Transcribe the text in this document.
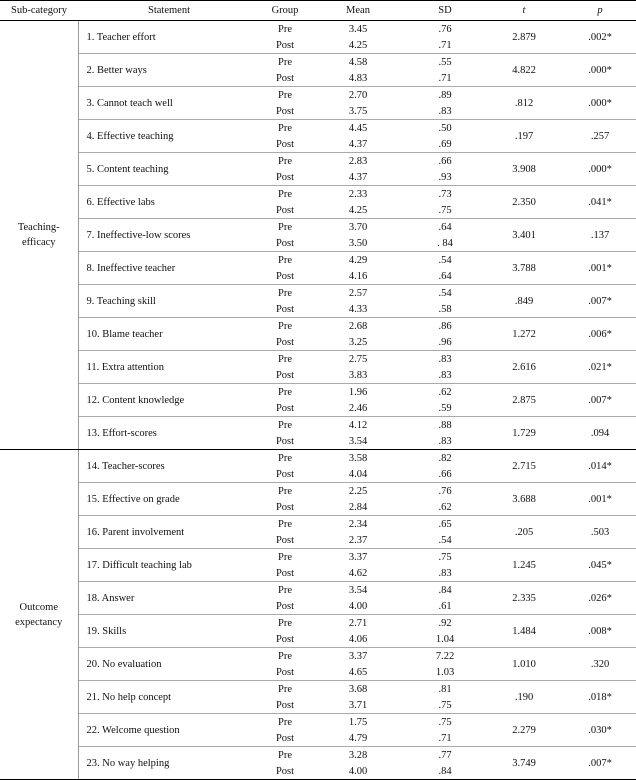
Sub-category	Statement	Group	Mean	SD	t	p
Teaching-
efficacy	1. Teacher effort	Pre	3.45	.76	2.879	.002*
		Post	4.25	.71		
	2. Better ways	Pre	4.58	.55	4.822	.000*
		Post	4.83	.71		
	3. Cannot teach well	Pre	2.70	.89	.812	.000*
		Post	3.75	.83		
	4. Effective teaching	Pre	4.45	.50	.197	.257
		Post	4.37	.69		
	5. Content teaching	Pre	2.83	.66	3.908	.000*
		Post	4.37	.93		
	6. Effective labs	Pre	2.33	.73	2.350	.041*
		Post	4.25	.75		
	7. Ineffective-low scores	Pre	3.70	.64	3.401	.137
		Post	3.50	. 84		
	8. Ineffective teacher	Pre	4.29	.54	3.788	.001*
		Post	4.16	.64		
	9. Teaching skill	Pre	2.57	.54	.849	.007*
		Post	4.33	.58		
	10. Blame teacher	Pre	2.68	.86	1.272	.006*
		Post	3.25	.96		
	11. Extra attention	Pre	2.75	.83	2.616	.021*
		Post	3.83	.83		
	12. Content knowledge	Pre	1.96	.62	2.875	.007*
		Post	2.46	.59		
	13. Effort-scores	Pre	4.12	.88	1.729	.094
		Post	3.54	.83		
Outcome
expectancy	14. Teacher-scores	Pre	3.58	.82	2.715	.014*
		Post	4.04	.66		
	15. Effective on grade	Pre	2.25	.76	3.688	.001*
		Post	2.84	.62		
	16. Parent involvement	Pre	2.34	.65	.205	.503
		Post	2.37	.54		
	17. Difficult teaching lab	Pre	3.37	.75	1.245	.045*
		Post	4.62	.83		
	18. Answer	Pre	3.54	.84	2.335	.026*
		Post	4.00	.61		
	19. Skills	Pre	2.71	.92	1.484	.008*
		Post	4.06	1.04		
	20. No evaluation	Pre	3.37	7.22	1.010	.320
		Post	4.65	1.03		
	21. No help concept	Pre	3.68	.81	.190	.018*
		Post	3.71	.75		
	22. Welcome question	Pre	1.75	.75	2.279	.030*
		Post	4.79	.71		
	23. No way helping	Pre	3.28	.77	3.749	.007*
		Post	4.00	.84		
